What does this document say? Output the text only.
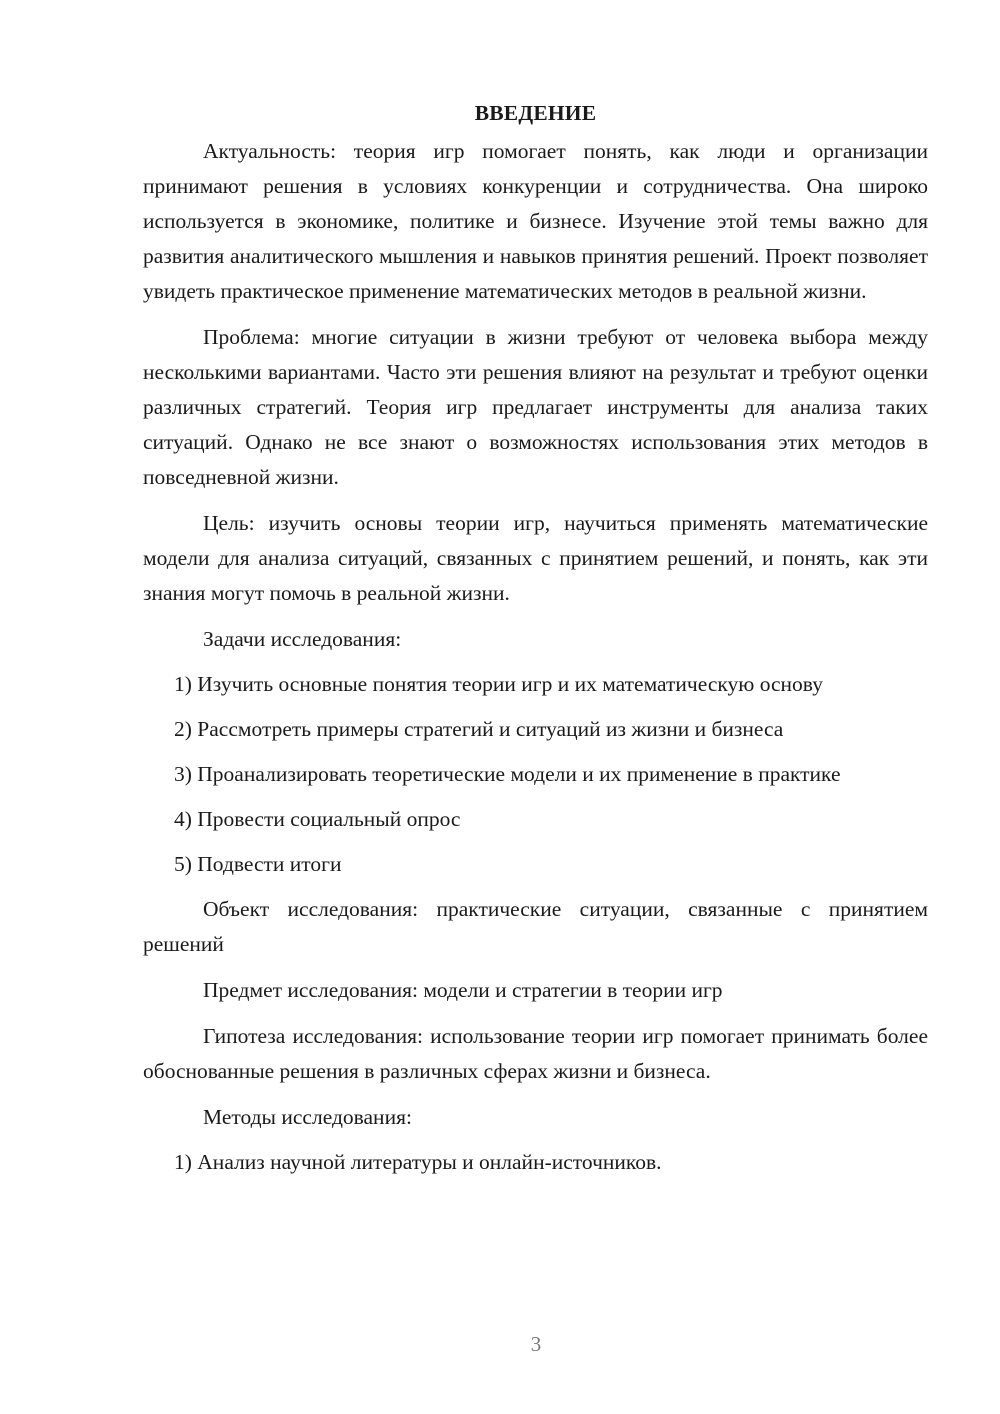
ВВЕДЕНИЕ

Актуальность: теория игр помогает понять, как люди и организации принимают решения в условиях конкуренции и сотрудничества. Она широко используется в экономике, политике и бизнесе. Изучение этой темы важно для развития аналитического мышления и навыков принятия решений. Проект позволяет увидеть практическое применение математических методов в реальной жизни.

Проблема: многие ситуации в жизни требуют от человека выбора между несколькими вариантами. Часто эти решения влияют на результат и требуют оценки различных стратегий. Теория игр предлагает инструменты для анализа таких ситуаций. Однако не все знают о возможностях использования этих методов в повседневной жизни.

Цель: изучить основы теории игр, научиться применять математические модели для анализа ситуаций, связанных с принятием решений, и понять, как эти знания могут помочь в реальной жизни.

Задачи исследования:

1) Изучить основные понятия теории игр и их математическую основу

2) Рассмотреть примеры стратегий и ситуаций из жизни и бизнеса

3) Проанализировать теоретические модели и их применение в практике

4) Провести социальный опрос

5) Подвести итоги

Объект исследования: практические ситуации, связанные с принятием решений

Предмет исследования: модели и стратегии в теории игр

Гипотеза исследования: использование теории игр помогает принимать более обоснованные решения в различных сферах жизни и бизнеса.

Методы исследования:

1) Анализ научной литературы и онлайн-источников.

3
